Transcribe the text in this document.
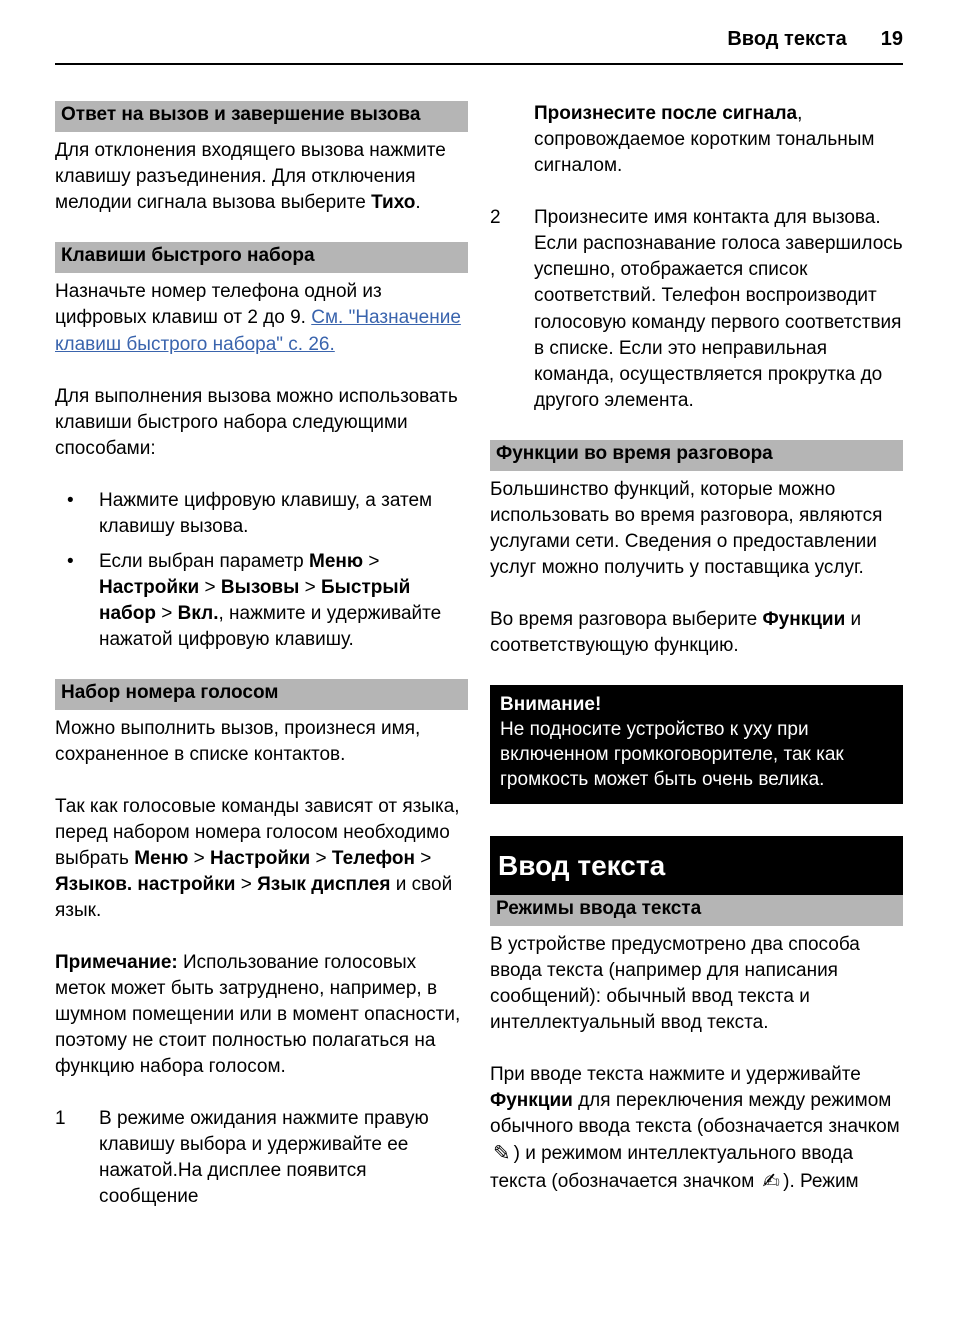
Ввод текста 19
Ответ на вызов и завершение вызова

Для отклонения входящего вызова нажмите клавишу разъединения. Для отключения мелодии сигнала вызова выберите Тихо.

Клавиши быстрого набора

Назначьте номер телефона одной из цифровых клавиш от 2 до 9. См. "Назначение клавиш быстрого набора" с. 26.

Для выполнения вызова можно использовать клавиши быстрого набора следующими способами:

• Нажмите цифровую клавишу, а затем клавишу вызова.
• Если выбран параметр Меню > Настройки > Вызовы > Быстрый набор > Вкл., нажмите и удерживайте нажатой цифровую клавишу.
Набор номера голосом

Можно выполнить вызов, произнеся имя, сохраненное в списке контактов.

Так как голосовые команды зависят от языка, перед набором номера голосом необходимо выбрать Меню > Настройки > Телефон > Языков. настройки > Язык дисплея и свой язык.

Примечание: Использование голосовых меток может быть затруднено, например, в шумном помещении или в момент опасности, поэтому не стоит полностью полагаться на функцию набора голосом.

1	В режиме ожидания нажмите правую клавишу выбора и удерживайте ее нажатой.На дисплее появится сообщение

Произнесите после сигнала, сопровождаемое коротким тональным сигналом.

2	Произнесите имя контакта для вызова. Если распознавание голоса завершилось успешно, отображается список соответствий. Телефон воспроизводит голосовую команду первого соответствия в списке. Если это неправильная команда, осуществляется прокрутка до другого элемента.
Функции во время разговора

Большинство функций, которые можно использовать во время разговора, являются услугами сети. Сведения о предоставлении услуг можно получить у поставщика услуг.

Во время разговора выберите Функции и соответствующую функцию.

Внимание!
Не подносите устройство к уху при включенном громкоговорителе, так как громкость может быть очень велика.
Ввод текста
Режимы ввода текста

В устройстве предусмотрено два способа ввода текста (например для написания сообщений): обычный ввод текста и интеллектуальный ввод текста.

При вводе текста нажмите и удерживайте Функции для переключения между режимом обычного ввода текста (обозначается значком ✎ ) и режимом интеллектуального ввода текста (обозначается значком ✍ ). Режим
